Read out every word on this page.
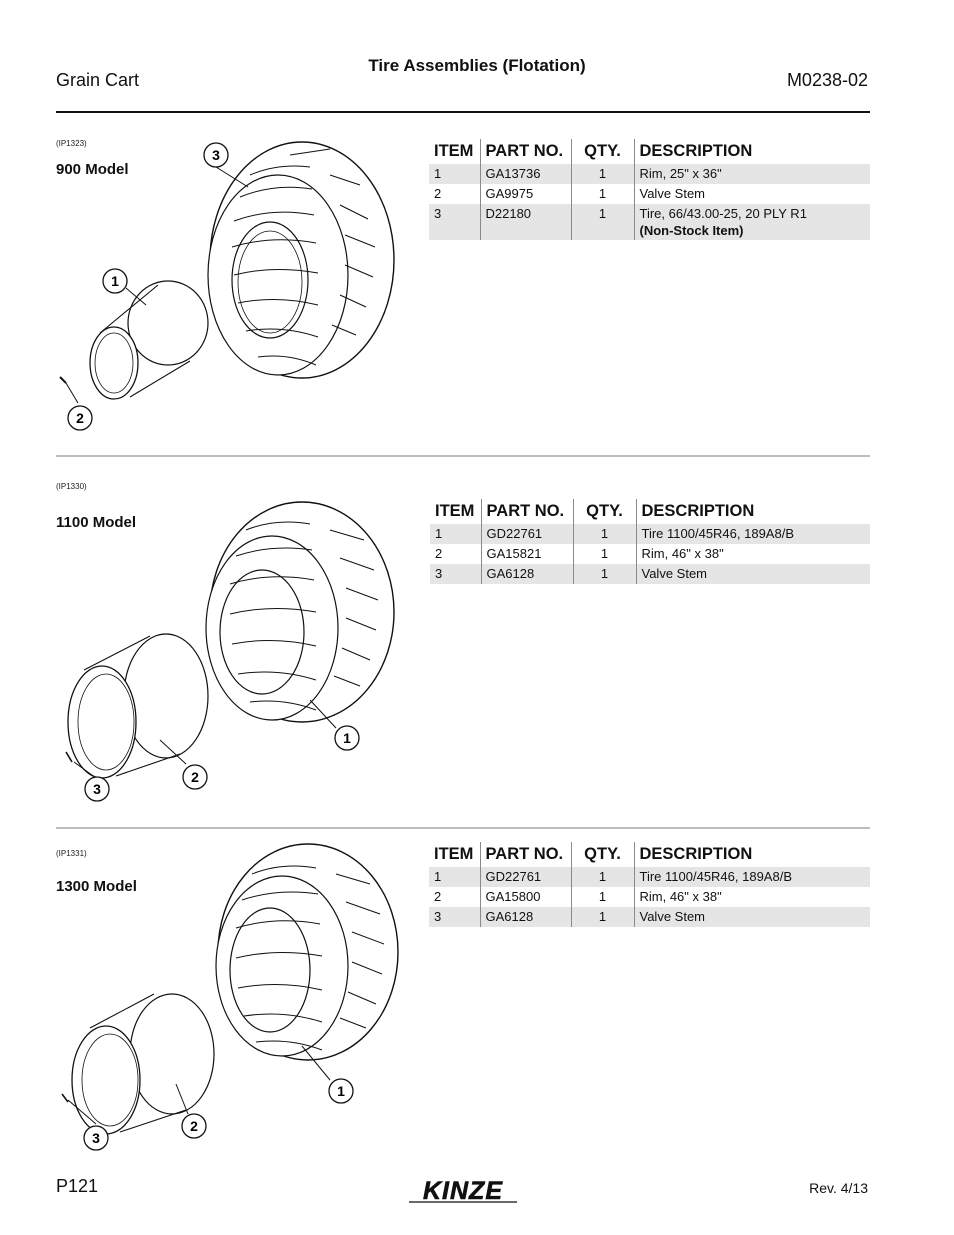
Grain Cart
Tire Assemblies (Flotation)
M0238-02
(IP1323)
900 Model
3
1
2
ITEM	PART NO.	QTY.	DESCRIPTION
1	GA13736	1	Rim, 25" x 36"
2	GA9975	1	Valve Stem
3	D22180	1	Tire, 66/43.00-25, 20 PLY R1
(Non-Stock Item)
(IP1330)
1100 Model
1
2
3
ITEM	PART NO.	QTY.	DESCRIPTION
1	GD22761	1	Tire 1100/45R46, 189A8/B
2	GA15821	1	Rim, 46" x 38"
3	GA6128	1	Valve Stem
(IP1331)
1300 Model
1
2
3
ITEM	PART NO.	QTY.	DESCRIPTION
1	GD22761	1	Tire 1100/45R46, 189A8/B
2	GA15800	1	Rim, 46" x 38"
3	GA6128	1	Valve Stem
P121	KINZE	Rev. 4/13
